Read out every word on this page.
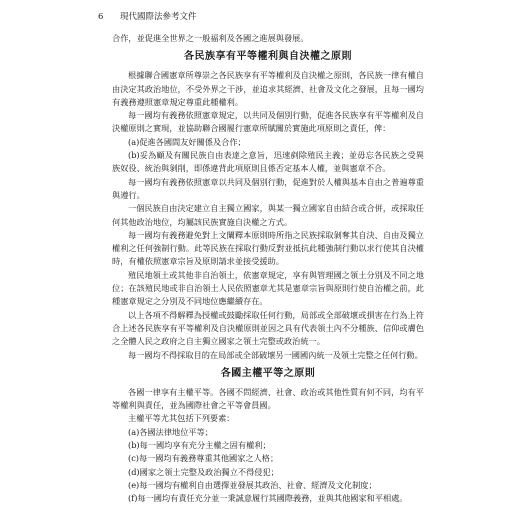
6	現代國際法參考文件

合作，並促進全世界之一般福利及各國之進展與發展。

各民族享有平等權利與自決權之原則

根據聯合國憲章所尊崇之各民族享有平等權利及自決權之原則，各民族一律有權自由決定其政治地位，不受外界之干涉，並追求其經濟、社會及文化之發展，且每一國均有義務遵照憲章規定尊重此種權利。

每一國均有義務依照憲章規定，以共同及個別行動，促進各民族享有平等權利及自決權原則之實現，並協助聯合國履行憲章所賦關於實施此項原則之責任，俾：

(a)促進各國間友好關係及合作；

(b)妥為顧及有關民族自由表達之意旨，迅速剷除殖民主義；並毋忘各民族之受異族奴役、統治與剝削，即係違背此項原則且係否定基本人權，並與憲章不合。

每一國均有義務依照憲章以共同及個別行動，促進對於人權與基本自由之普遍尊重與遵行。

一個民族自由決定建立自主獨立國家，與某一獨立國家自由結合或合併，或採取任何其他政治地位，均屬該民族實施自決權之方式。

每一國均有義務避免對上文闡釋本原則時所指之民族採取剝奪其自決、自由及獨立權利之任何強制行動。此等民族在採取行動反對並抵抗此種強制行動以求行使其自決權時，有權依照憲章宗旨及原則請求並接受援助。

殖民地領土或其他非自治領土，依憲章規定，享有與管理國之領土分別及不同之地位；在該殖民地或非自治領土人民依照憲章尤其是憲章宗旨與原則行使自治權之前，此種憲章規定之分別及不同地位應繼續存在。

以上各項不得解釋為授權或鼓勵採取任何行動，局部或全部破壞或損害在行為上符合上述各民族享有平等權利及自決權原則並因之具有代表領土內不分種族、信仰或膚色之全體人民之政府之自主獨立國家之領土完整或政治統一。

每一國均不得採取目的在局部或全部破壞另一國國內統一及領土完整之任何行動。

各國主權平等之原則

各國一律享有主權平等。各國不問經濟、社會、政治或其他性質有何不同，均有平等權利與責任，並為國際社會之平等會員國。

主權平等尤其包括下列要素：

(a)各國法律地位平等；

(b)每一國均享有充分主權之固有權利；

(c)每一國均有義務尊重其他國家之人格；

(d)國家之領土完整及政治獨立不得侵犯；

(e)每一國均有權利自由選擇並發展其政治、社會、經濟及文化制度；

(f)每一國均有責任充分並一秉誠意履行其國際義務，並與其他國家和平相處。
